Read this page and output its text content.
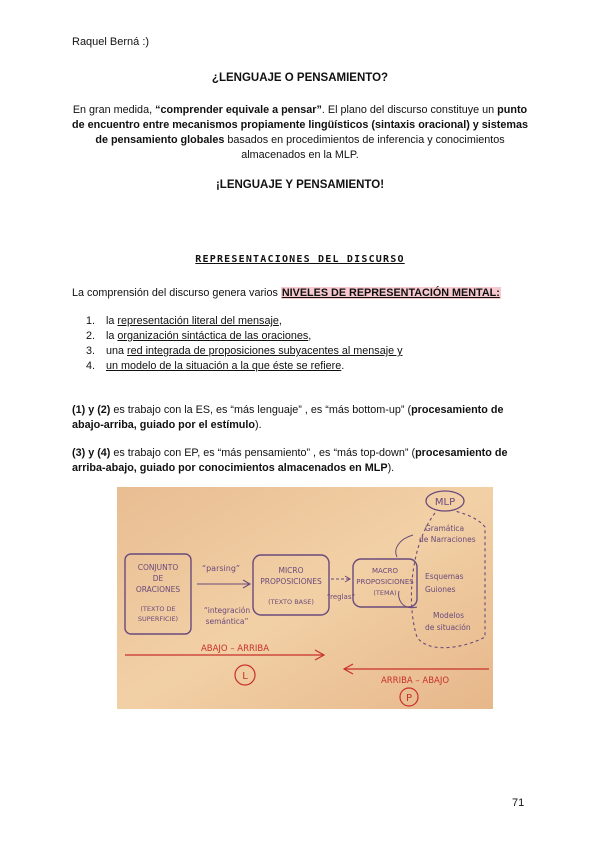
Raquel Berná :)
¿LENGUAJE O PENSAMIENTO?
En gran medida, “comprender equivale a pensar”. El plano del discurso constituye un punto de encuentro entre mecanismos propiamente lingüísticos (sintaxis oracional) y sistemas de pensamiento globales basados en procedimientos de inferencia y conocimientos almacenados en la MLP.
¡LENGUAJE Y PENSAMIENTO!
REPRESENTACIONES DEL DISCURSO
La comprensión del discurso genera varios NIVELES DE REPRESENTACIÓN MENTAL:
1. la representación literal del mensaje,
2. la organización sintáctica de las oraciones,
3. una red integrada de proposiciones subyacentes al mensaje y
4. un modelo de la situación a la que éste se refiere.
(1) y (2) es trabajo con la ES, es “más lenguaje” , es “más bottom-up” (procesamiento de abajo-arriba, guiado por el estímulo).
(3) y (4) es trabajo con EP, es “más pensamiento” , es “más top-down” (procesamiento de arriba-abajo, guiado por conocimientos almacenados en MLP).
MLP
Gramática
de Narraciones
Esquemas
Guiones
Modelos
de situación
CONJUNTO
DE
ORACIONES
(TEXTO DE
SUPERFICIE)
“parsing”
“integración
semántica”
MICRO
PROPOSICIONES
(TEXTO BASE)
“reglas”
MACRO
PROPOSICIONES
(TEMA)
ABAJO – ARRIBA
L	ARRIBA – ABAJO
P
71
